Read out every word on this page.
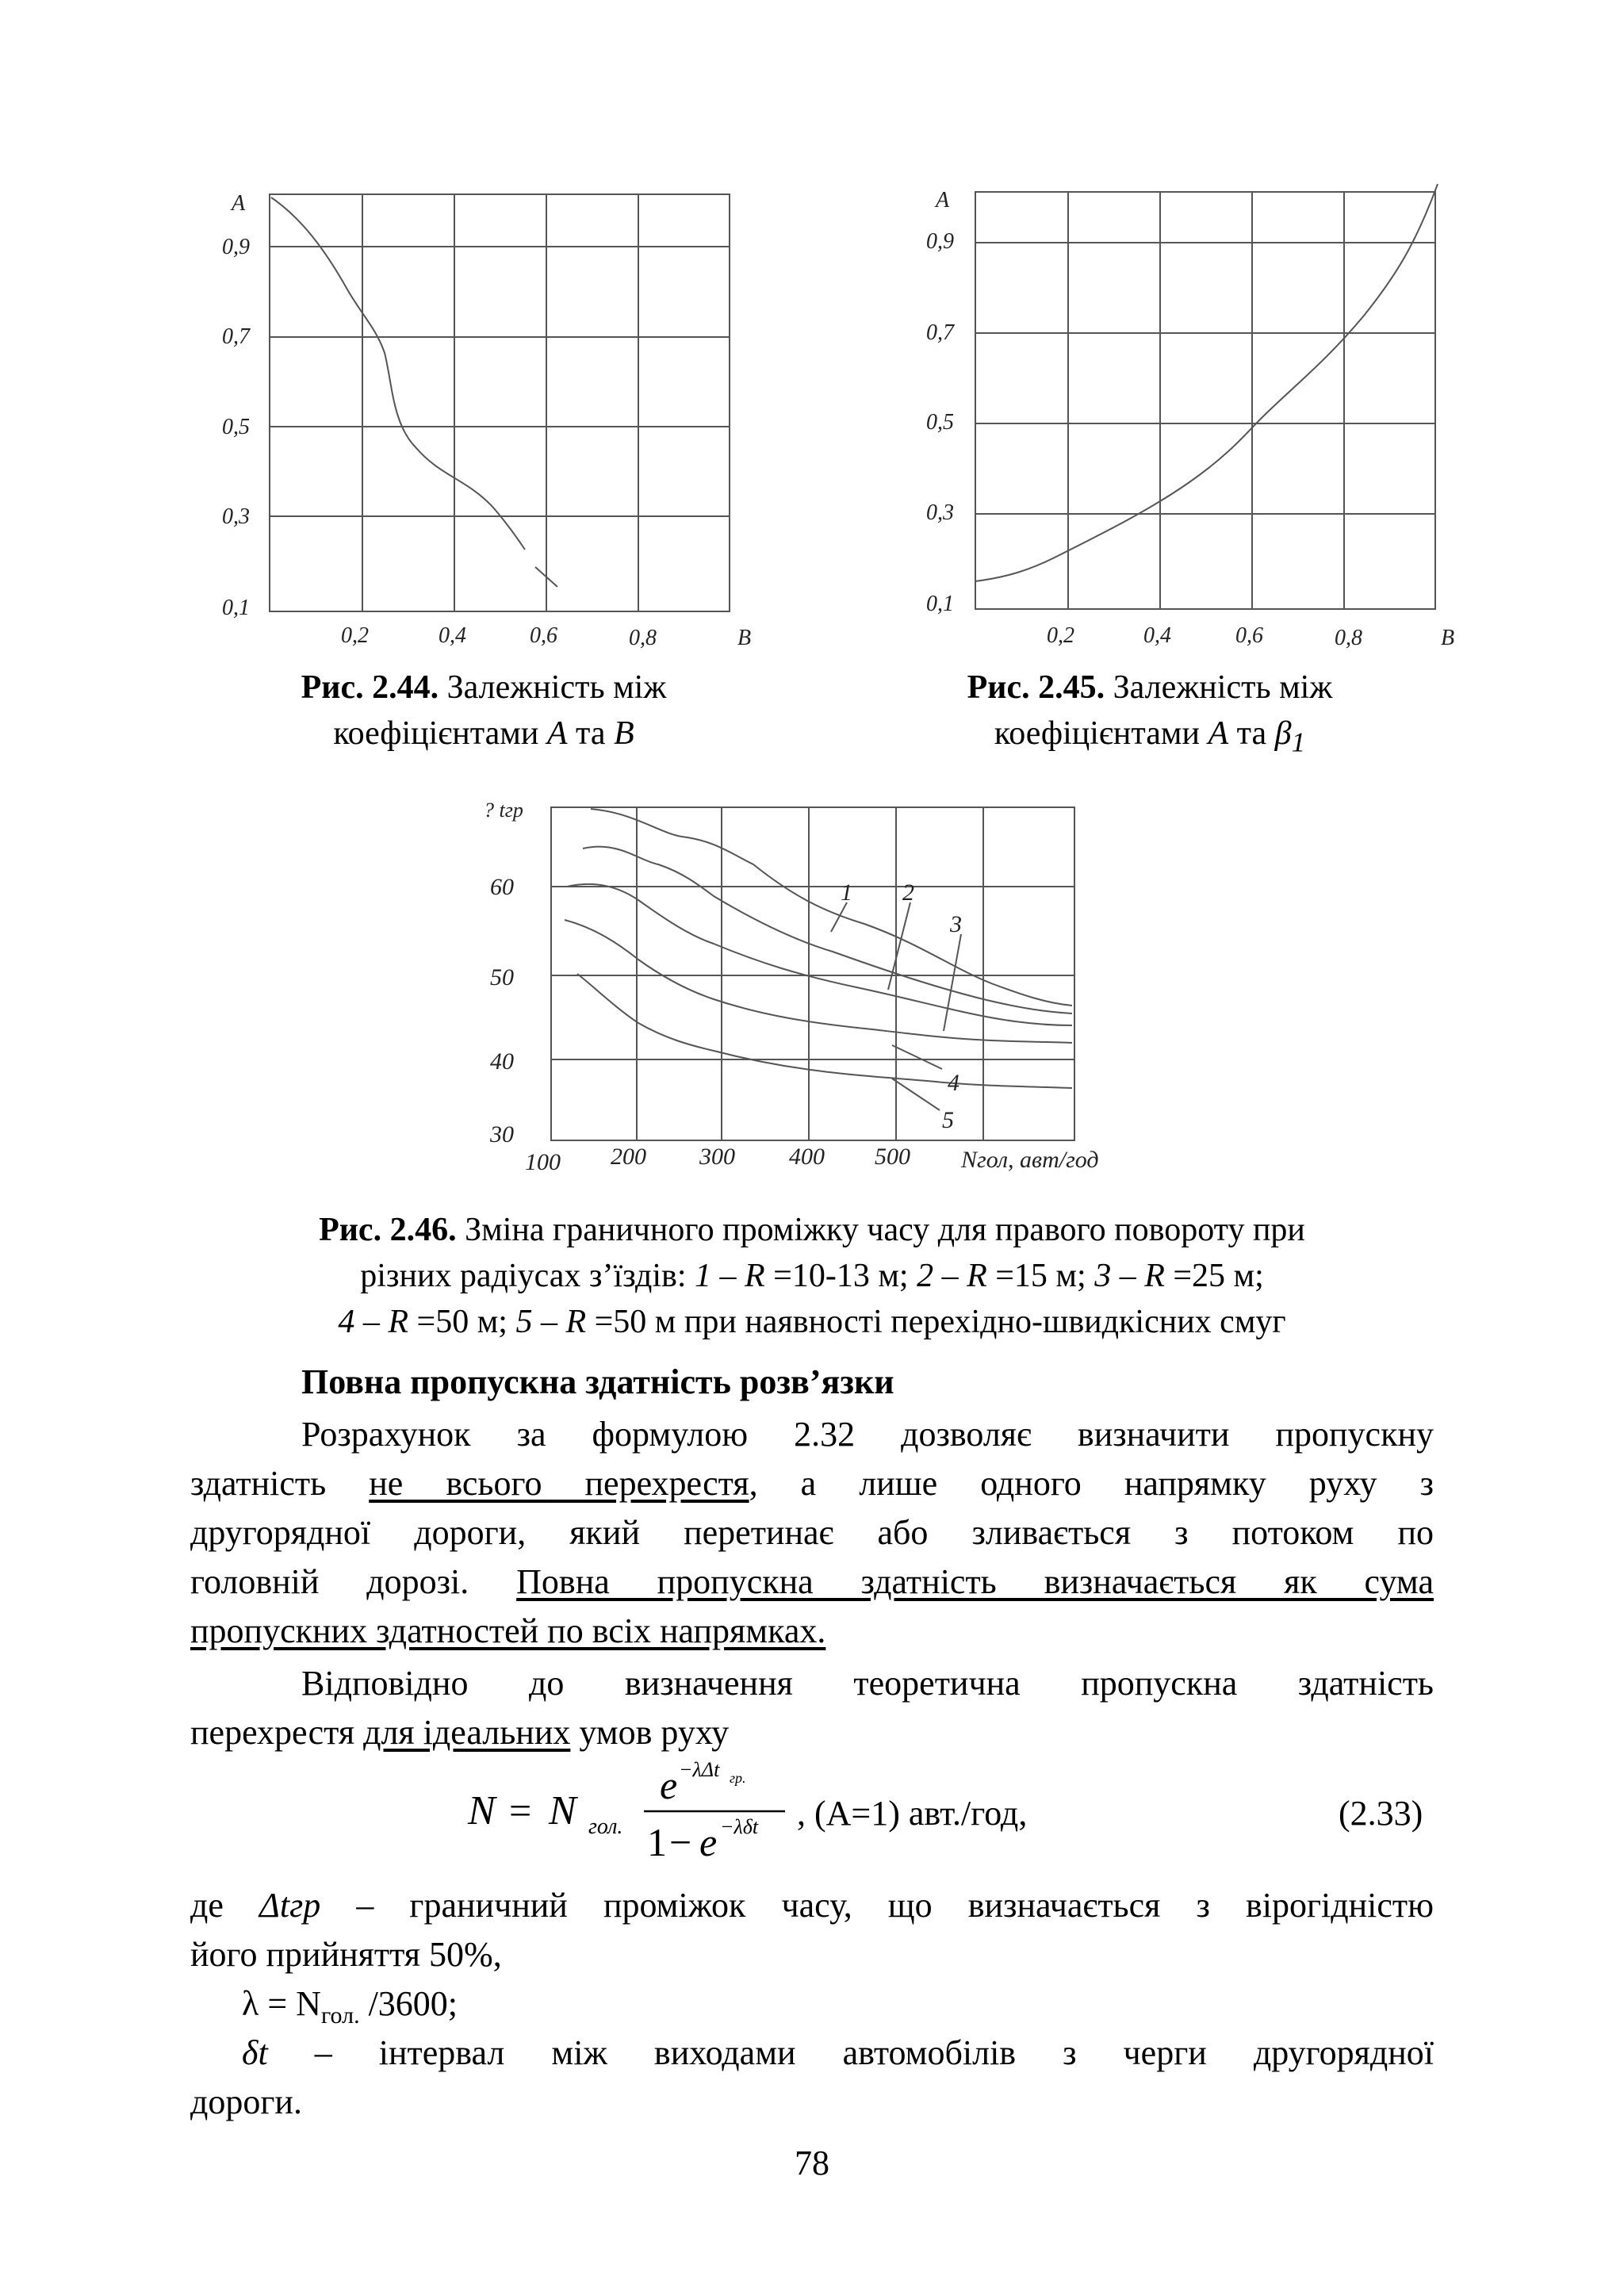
A
0,9
0,7
0,5
0,3
0,1
0,2	0,4	0,6	0,8	B
Рис. 2.44. Залежність між
коефіцієнтами A та B
A
0,9
0,7
0,5
0,3
0,1
0,2	0,4	0,6	0,8	B
Рис. 2.45. Залежність між
коефіцієнтами A та $\beta_1$
? tгр
60
50
40
30
100 200 300 400 500 Nгол, авт/год
1 2
3
4
5
Рис. 2.46. Зміна граничного проміжку часу для правого повороту при
різних радіусах з’їздів: 1 – R =10-13 м; 2 – R =15 м; 3 – R =25 м;
4 – R =50 м; 5 – R =50 м при наявності перехідно-швидкісних смуг
Повна пропускна здатність розв’язки
Розрахунок за формулою 2.32 дозволяє визначити пропускну
здатність не всього перехрестя, а лише одного напрямку руху з
другорядної дороги, який перетинає або зливається з потоком по
головній дорозі. Повна пропускна здатність визначається як сума
пропускних здатностей по всіх напрямках.
Відповідно до визначення теоретична пропускна здатність
перехрестя для ідеальних умов руху
N = N гол.
e −λΔt гр.
1 − e −λδt , (А=1) авт./год,	(2.33)
де Δtгр – граничний проміжок часу, що визначається з вірогідністю
його прийняття 50%,
$\lambda = N_{гол.}$ /3600;
δt – інтервал між виходами автомобілів з черги другорядної
дороги.
78
